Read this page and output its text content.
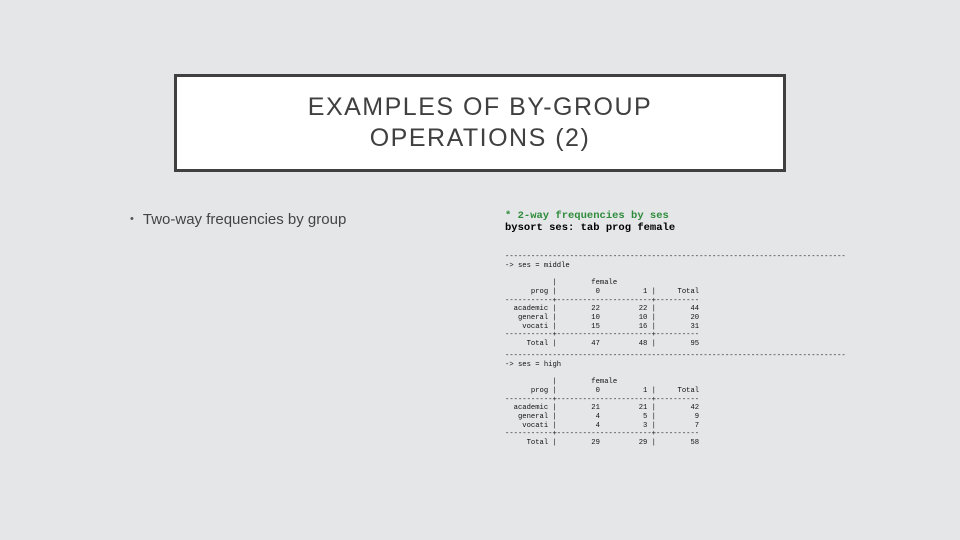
EXAMPLES OF BY-GROUP
OPERATIONS (2)
• Two-way frequencies by group	* 2-way frequencies by ses
bysort ses: tab prog female
-------------------------------------------------------------------------------
-> ses = middle

|        female
prog |         0          1 |     Total
-----------+----------------------+----------
academic |        22         22 |        44
general |        10         10 |        20
vocati |        15         16 |        31
-----------+----------------------+----------
Total |        47         48 |        95
-------------------------------------------------------------------------------
-> ses = high

|        female
prog |         0          1 |     Total
-----------+----------------------+----------
academic |        21         21 |        42
general |         4          5 |         9
vocati |         4          3 |         7
-----------+----------------------+----------
Total |        29         29 |        58
